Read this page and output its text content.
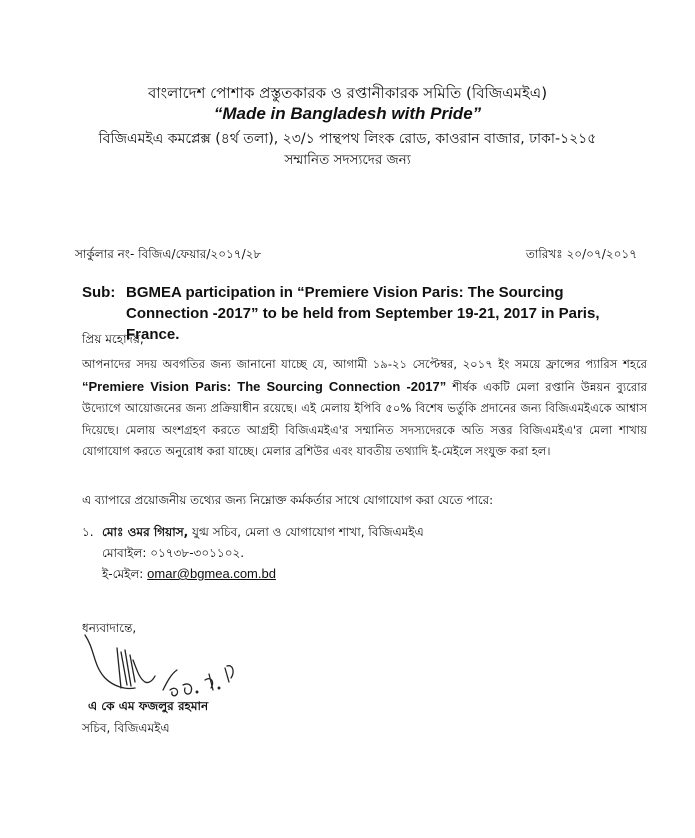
বাংলাদেশ পোশাক প্রস্তুতকারক ও রপ্তানীকারক সমিতি (বিজিএমইএ)
“Made in Bangladesh with Pride”
বিজিএমইএ কমপ্লেক্স (৪র্থ তলা), ২৩/১ পান্থপথ লিংক রোড, কাওরান বাজার, ঢাকা-১২১৫
সম্মানিত সদস্যদের জন্য
সার্কুলার নং- বিজিএ/ফেয়ার/২০১৭/২৮	তারিখঃ ২০/০৭/২০১৭
Sub: BGMEA participation in “Premiere Vision Paris: The Sourcing Connection -2017” to be held from September 19-21, 2017 in Paris, France.
প্রিয় মহোদয়,
আপনাদের সদয় অবগতির জন্য জানানো যাচ্ছে যে, আগামী ১৯-২১ সেপ্টেম্বর, ২০১৭ ইং সময়ে ফ্রান্সের প্যারিস শহরে “Premiere Vision Paris: The Sourcing Connection -2017” শীর্ষক একটি মেলা রপ্তানি উন্নয়ন ব্যুরোর উদ্যোগে আয়োজনের জন্য প্রক্রিয়াধীন রয়েছে। এই মেলায় ইপিবি ৫০% বিশেষ ভর্তুকি প্রদানের জন্য বিজিএমইএকে আশ্বাস দিয়েছে। মেলায় অংশগ্রহণ করতে আগ্রহী বিজিএমইএ'র সম্মানিত সদস্যদেরকে অতি সত্তর বিজিএমইএ'র মেলা শাখায় যোগাযোগ করতে অনুরোধ করা যাচ্ছে। মেলার ব্রশিউর এবং যাবতীয় তথ্যাদি ই-মেইলে সংযুক্ত করা হল।
এ ব্যাপারে প্রয়োজনীয় তথ্যের জন্য নিম্নোক্ত কর্মকর্তার সাথে যোগাযোগ করা যেতে পারে:
১. মোঃ ওমর গিয়াস, যুগ্ম সচিব, মেলা ও যোগাযোগ শাখা, বিজিএমইএ
মোবাইল: ০১৭৩৮-৩০১১০২.
ই-মেইল: omar@bgmea.com.bd
ধন্যবাদান্তে,
এ কে এম ফজলুর রহমান
সচিব, বিজিএমইএ
